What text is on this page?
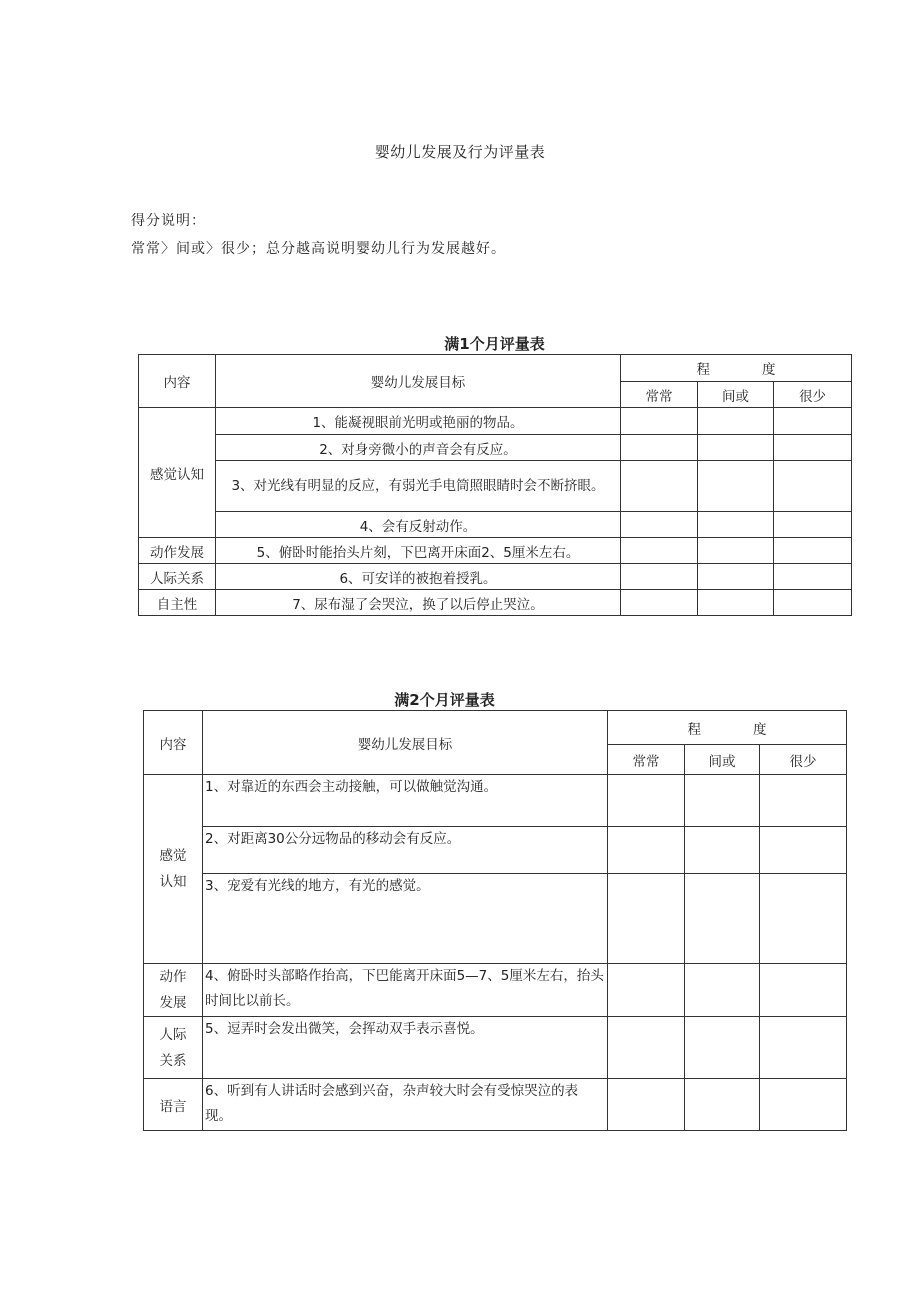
婴幼儿发展及行为评量表
得分说明：
常常〉间或〉很少；总分越高说明婴幼儿行为发展越好。
满1个月评量表
内容	婴幼儿发展目标	程 度		
		常常	间或	很少
感觉认知	1、能凝视眼前光明或艳丽的物品。			
	2、对身旁微小的声音会有反应。			
	3、对光线有明显的反应，有弱光手电筒照眼睛时会不断挤眼。			
	4、会有反射动作。			
动作发展	5、俯卧时能抬头片刻，下巴离开床面2、5厘米左右。			
人际关系	6、可安详的被抱着授乳。			
自主性	7、尿布湿了会哭泣，换了以后停止哭泣。			
满2个月评量表
内容	婴幼儿发展目标	程 度		
		常常	间或	很少
感觉
认知	1、对靠近的东西会主动接触，可以做触觉沟通。			
	2、对距离30公分远物品的移动会有反应。			
	3、宠爱有光线的地方，有光的感觉。			
动作
发展	4、俯卧时头部略作抬高，下巴能离开床面5—7、5厘米左右，抬头时间比以前长。			
人际
关系	5、逗弄时会发出微笑，会挥动双手表示喜悦。			
语言	6、听到有人讲话时会感到兴奋，杂声较大时会有受惊哭泣的表现。			
